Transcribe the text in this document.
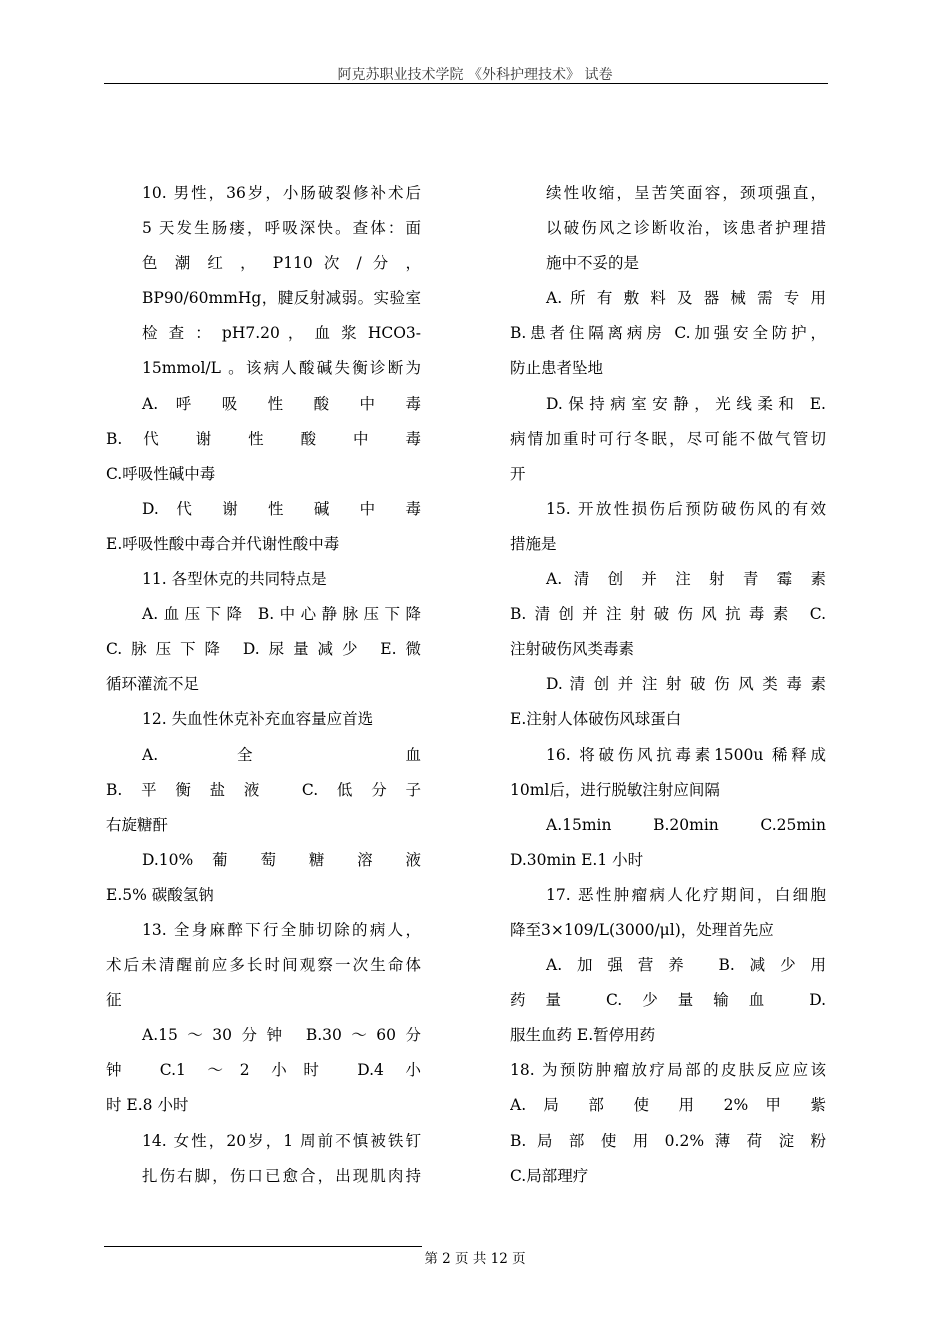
阿克苏职业技术学院 《外科护理技术》 试卷
10. 男性，36岁，小肠破裂修补术后
5 天发生肠瘘，呼吸深快。查体：面
色 潮 红 ， P110 次 / 分 ，
BP90/60mmHg，腱反射减弱。实验室
检 查 ： pH7.20 ， 血 浆 HCO3-
15mmol/L 。该病人酸碱失衡诊断为
A. 呼 吸 性 酸 中 毒
B. 代 谢 性 酸 中 毒
C.呼吸性碱中毒
D. 代 谢 性 碱 中 毒
E.呼吸性酸中毒合并代谢性酸中毒
11. 各型休克的共同特点是
A.血压下降 B.中心静脉压下降
C.脉压下降 D.尿量减少 E.微
循环灌流不足
12. 失血性休克补充血容量应首选
A. 全 血
B.平衡盐液 C.低分子
右旋糖酐
D.10% 葡 萄 糖 溶 液
E.5% 碳酸氢钠
13. 全身麻醉下行全肺切除的病人，
术后未清醒前应多长时间观察一次生命体
征
A.15～30分钟 B.30～60分
钟 C.1 ～2 小时 D.4 小
时 E.8 小时
14. 女性，20岁，1 周前不慎被铁钉
扎伤右脚，伤口已愈合，出现肌肉持
续性收缩，呈苦笑面容，颈项强直，
以破伤风之诊断收治，该患者护理措
施中不妥的是
A. 所 有 敷 料 及 器 械 需 专 用
B.患者住隔离病房 C.加强安全防护，
防止患者坠地
D.保持病室安静，光线柔和 E.
病情加重时可行冬眠，尽可能不做气管切
开
15. 开放性损伤后预防破伤风的有效
措施是
A. 清 创 并 注 射 青 霉 素
B.清创并注射破伤风抗毒素 C.
注射破伤风类毒素
D. 清 创 并 注 射 破 伤 风 类 毒 素
E.注射人体破伤风球蛋白
16. 将破伤风抗毒素1500u 稀释成
10ml后，进行脱敏注射应间隔
A.15min B.20min C.25min
D.30min E.1 小时
17. 恶性肿瘤病人化疗期间，白细胞
降至3×109/L(3000/μl)，处理首先应
A.加强营养 B.减少用
药量 C.少量输血 D.
服生血药 E.暂停用药
18. 为预防肿瘤放疗局部的皮肤反应应该
A. 局 部 使 用 2% 甲 紫
B. 局 部 使 用 0.2% 薄 荷 淀 粉
C.局部理疗
第 2 页 共 12 页
